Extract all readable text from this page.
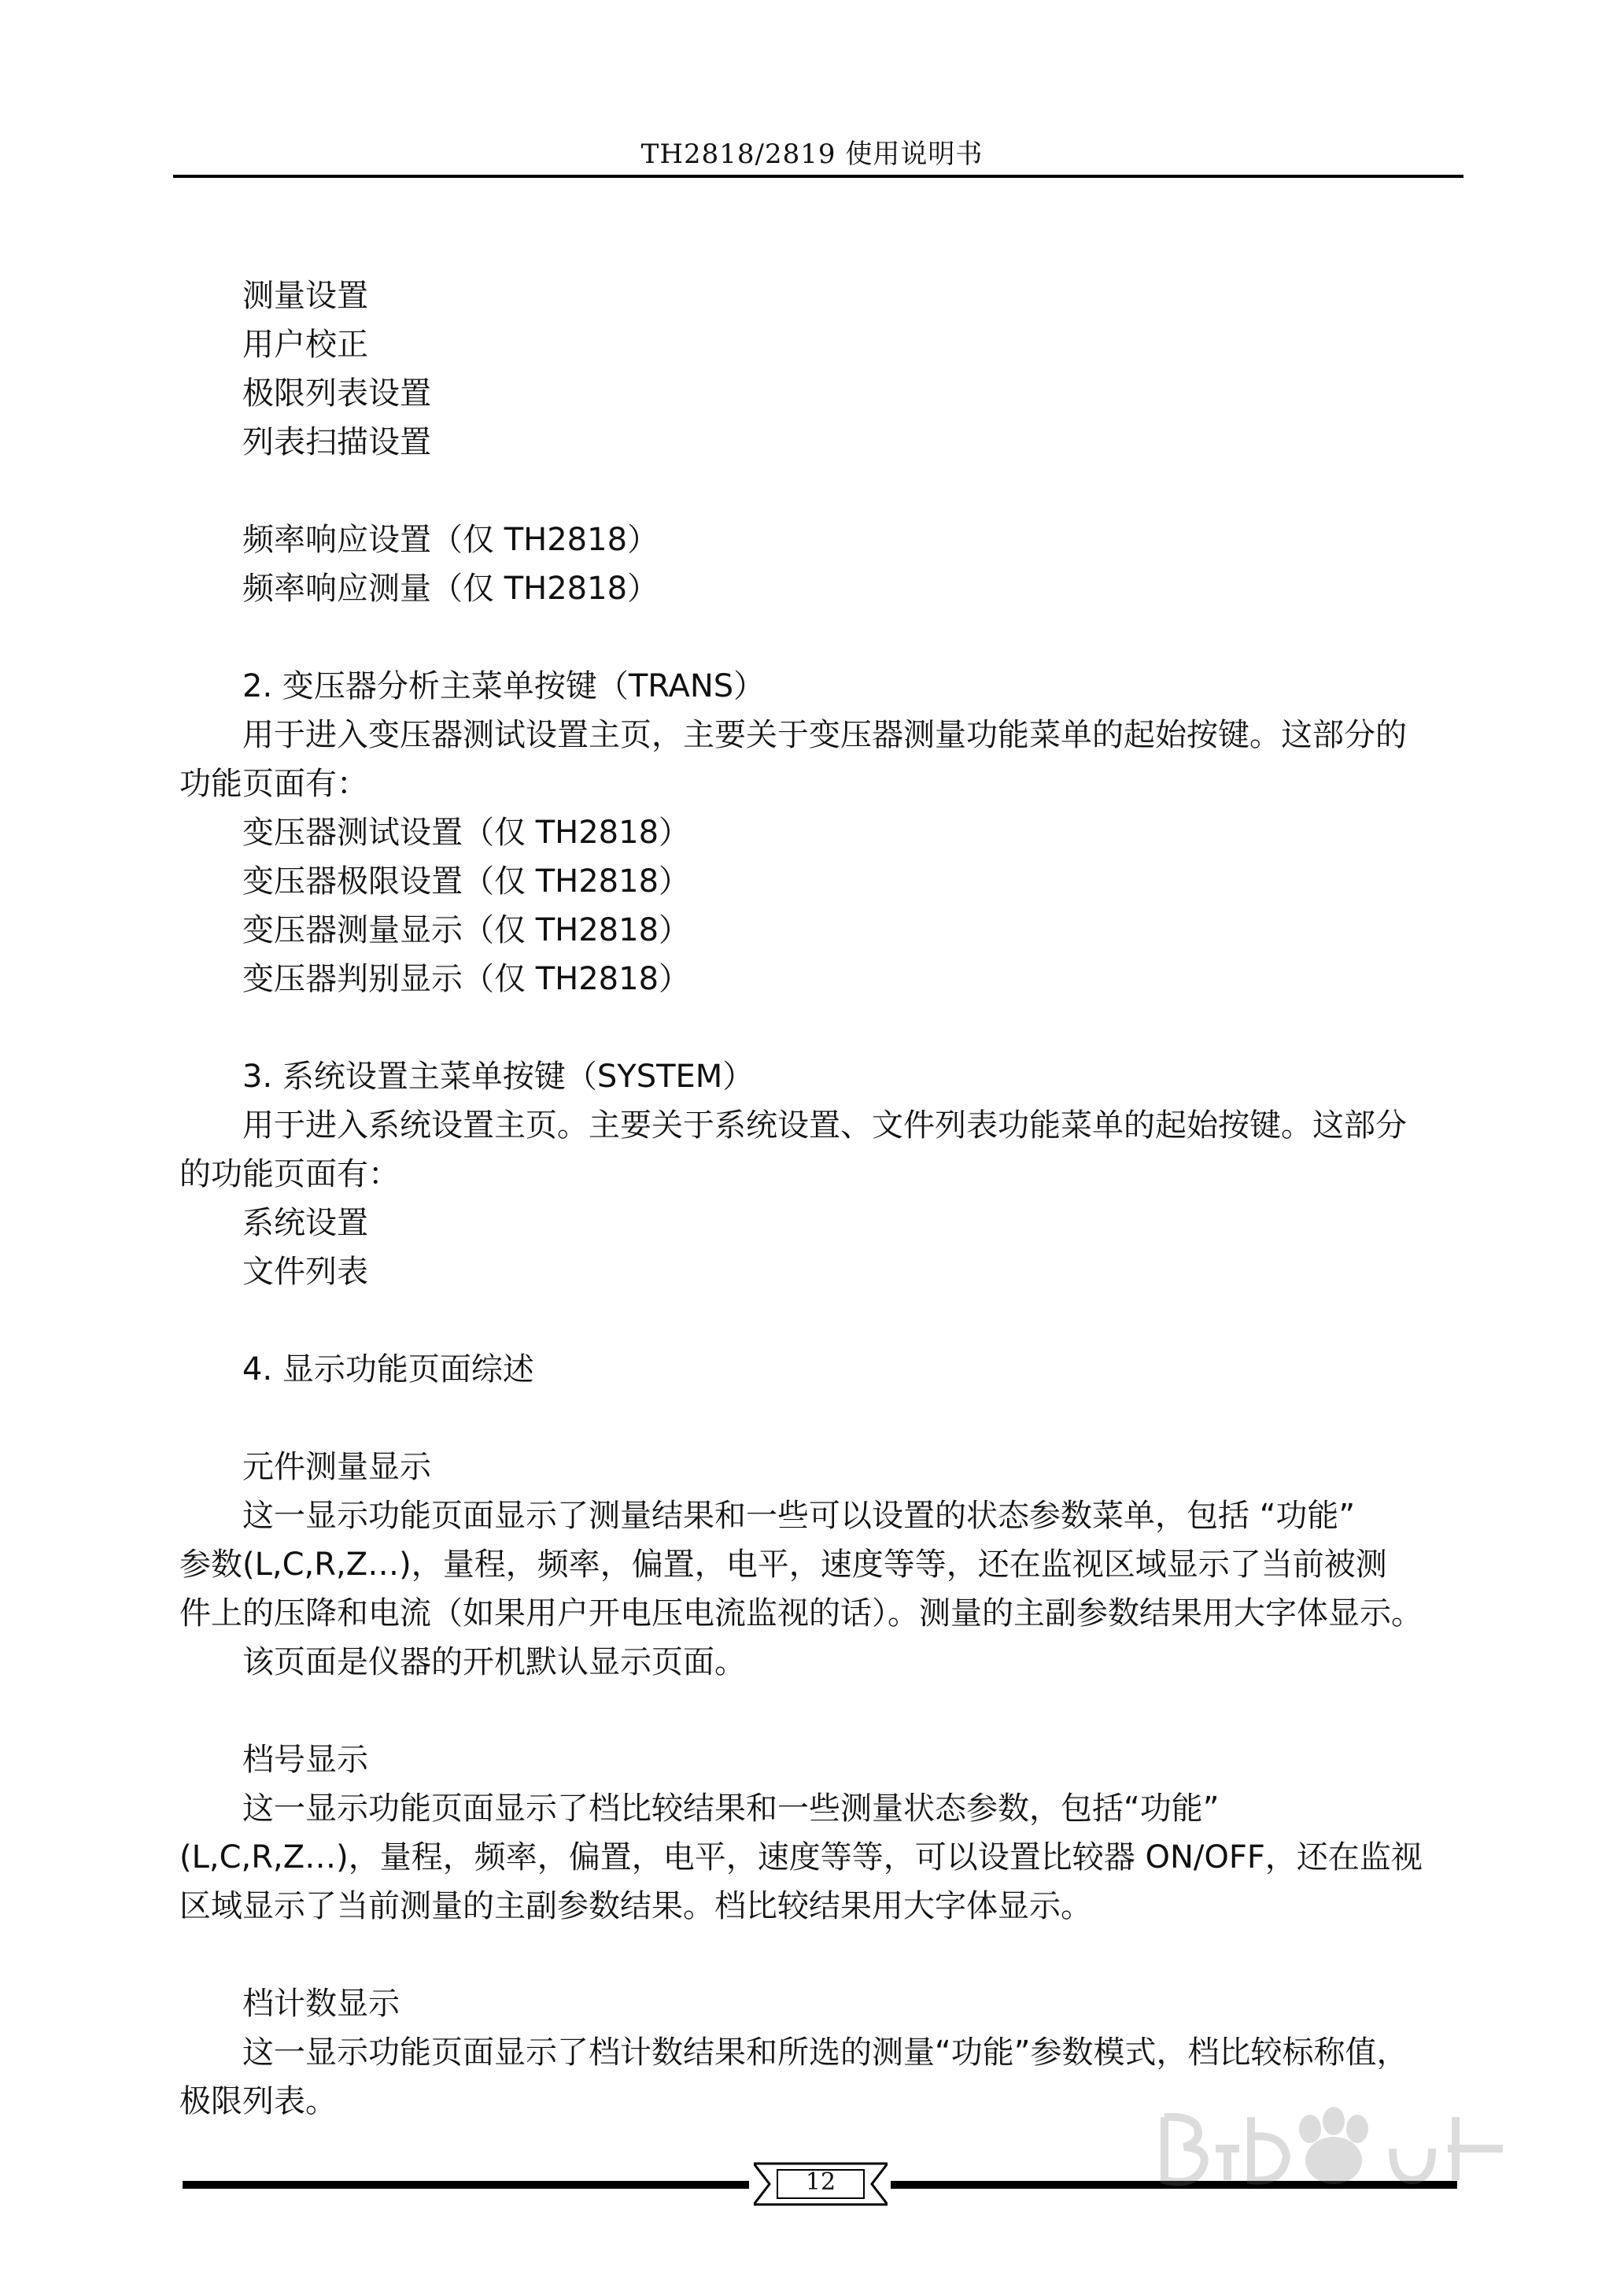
TH2818/2819 使用说明书
测量设置
用户校正
极限列表设置
列表扫描设置
频率响应设置（仅 TH2818）
频率响应测量（仅 TH2818）
2. 变压器分析主菜单按键（TRANS）
用于进入变压器测试设置主页，主要关于变压器测量功能菜单的起始按键。这部分的
功能页面有：
变压器测试设置（仅 TH2818）
变压器极限设置（仅 TH2818）
变压器测量显示（仅 TH2818）
变压器判别显示（仅 TH2818）
3. 系统设置主菜单按键（SYSTEM）
用于进入系统设置主页。主要关于系统设置、文件列表功能菜单的起始按键。这部分
的功能页面有：
系统设置
文件列表
4. 显示功能页面综述
元件测量显示
这一显示功能页面显示了测量结果和一些可以设置的状态参数菜单，包括 “功能”
参数(L,C,R,Z…)，量程，频率，偏置，电平，速度等等，还在监视区域显示了当前被测
件上的压降和电流（如果用户开电压电流监视的话）。测量的主副参数结果用大字体显示。
该页面是仪器的开机默认显示页面。
档号显示
这一显示功能页面显示了档比较结果和一些测量状态参数，包括“功能”
(L,C,R,Z…)，量程，频率，偏置，电平，速度等等，可以设置比较器 ON/OFF，还在监视
区域显示了当前测量的主副参数结果。档比较结果用大字体显示。
档计数显示
这一显示功能页面显示了档计数结果和所选的测量“功能”参数模式，档比较标称值，
极限列表。
12
